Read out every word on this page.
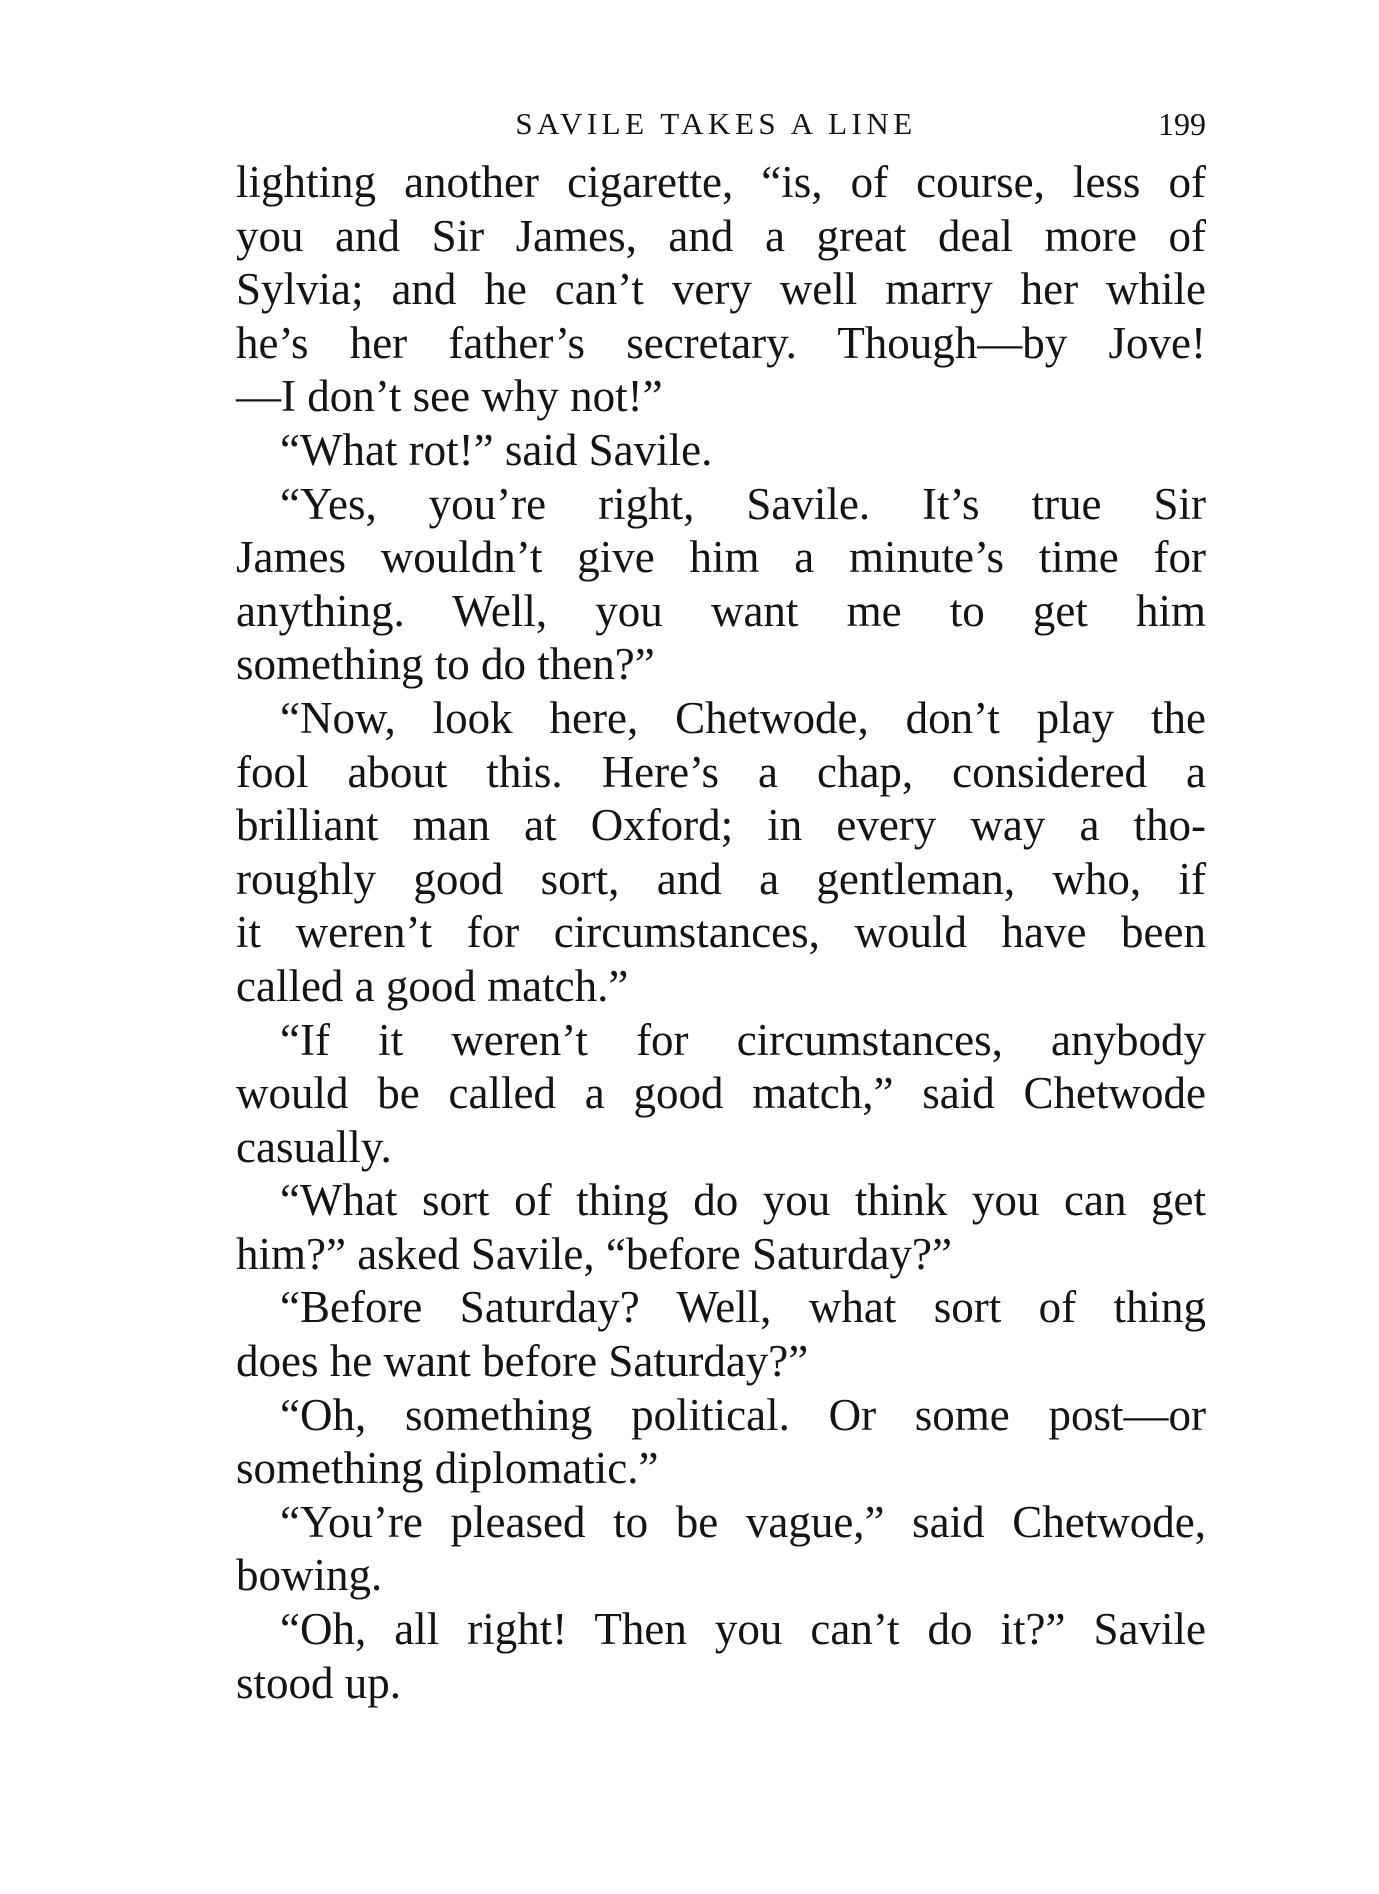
SAVILE TAKES A LINE	199
lighting another cigarette, “is, of course, less of
you and Sir James, and a great deal more of
Sylvia; and he can’t very well marry her while
he’s her father’s secretary. Though—by Jove!
—I don’t see why not!”
“What rot!” said Savile.
“Yes, you’re right, Savile. It’s true Sir
James wouldn’t give him a minute’s time for
anything. Well, you want me to get him
something to do then?”
“Now, look here, Chetwode, don’t play the
fool about this. Here’s a chap, considered a
brilliant man at Oxford; in every way a tho-
roughly good sort, and a gentleman, who, if
it weren’t for circumstances, would have been
called a good match.”
“If it weren’t for circumstances, anybody
would be called a good match,” said Chetwode
casually.
“What sort of thing do you think you can get
him?” asked Savile, “before Saturday?”
“Before Saturday? Well, what sort of thing
does he want before Saturday?”
“Oh, something political. Or some post—or
something diplomatic.”
“You’re pleased to be vague,” said Chetwode,
bowing.
“Oh, all right! Then you can’t do it?” Savile
stood up.
